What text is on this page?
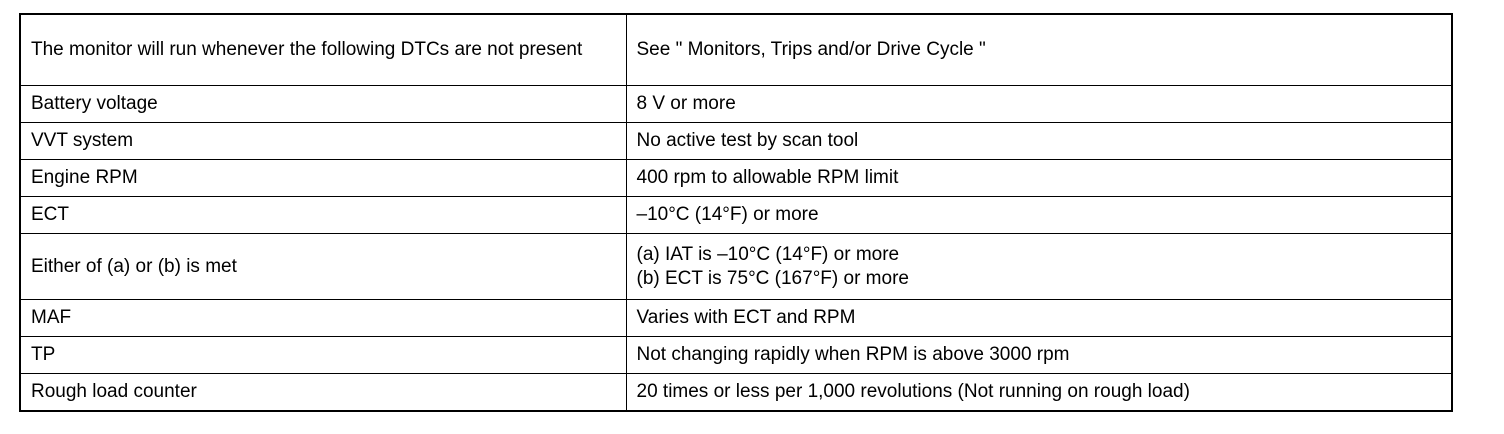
The monitor will run whenever the following DTCs are not present	See " Monitors, Trips and/or Drive Cycle "
Battery voltage	8 V or more
VVT system	No active test by scan tool
Engine RPM	400 rpm to allowable RPM limit
ECT	–10°C (14°F) or more
Either of (a) or (b) is met	(a) IAT is –10°C (14°F) or more
(b) ECT is 75°C (167°F) or more

MAF	Varies with ECT and RPM
TP	Not changing rapidly when RPM is above 3000 rpm
Rough load counter	20 times or less per 1,000 revolutions (Not running on rough load)
